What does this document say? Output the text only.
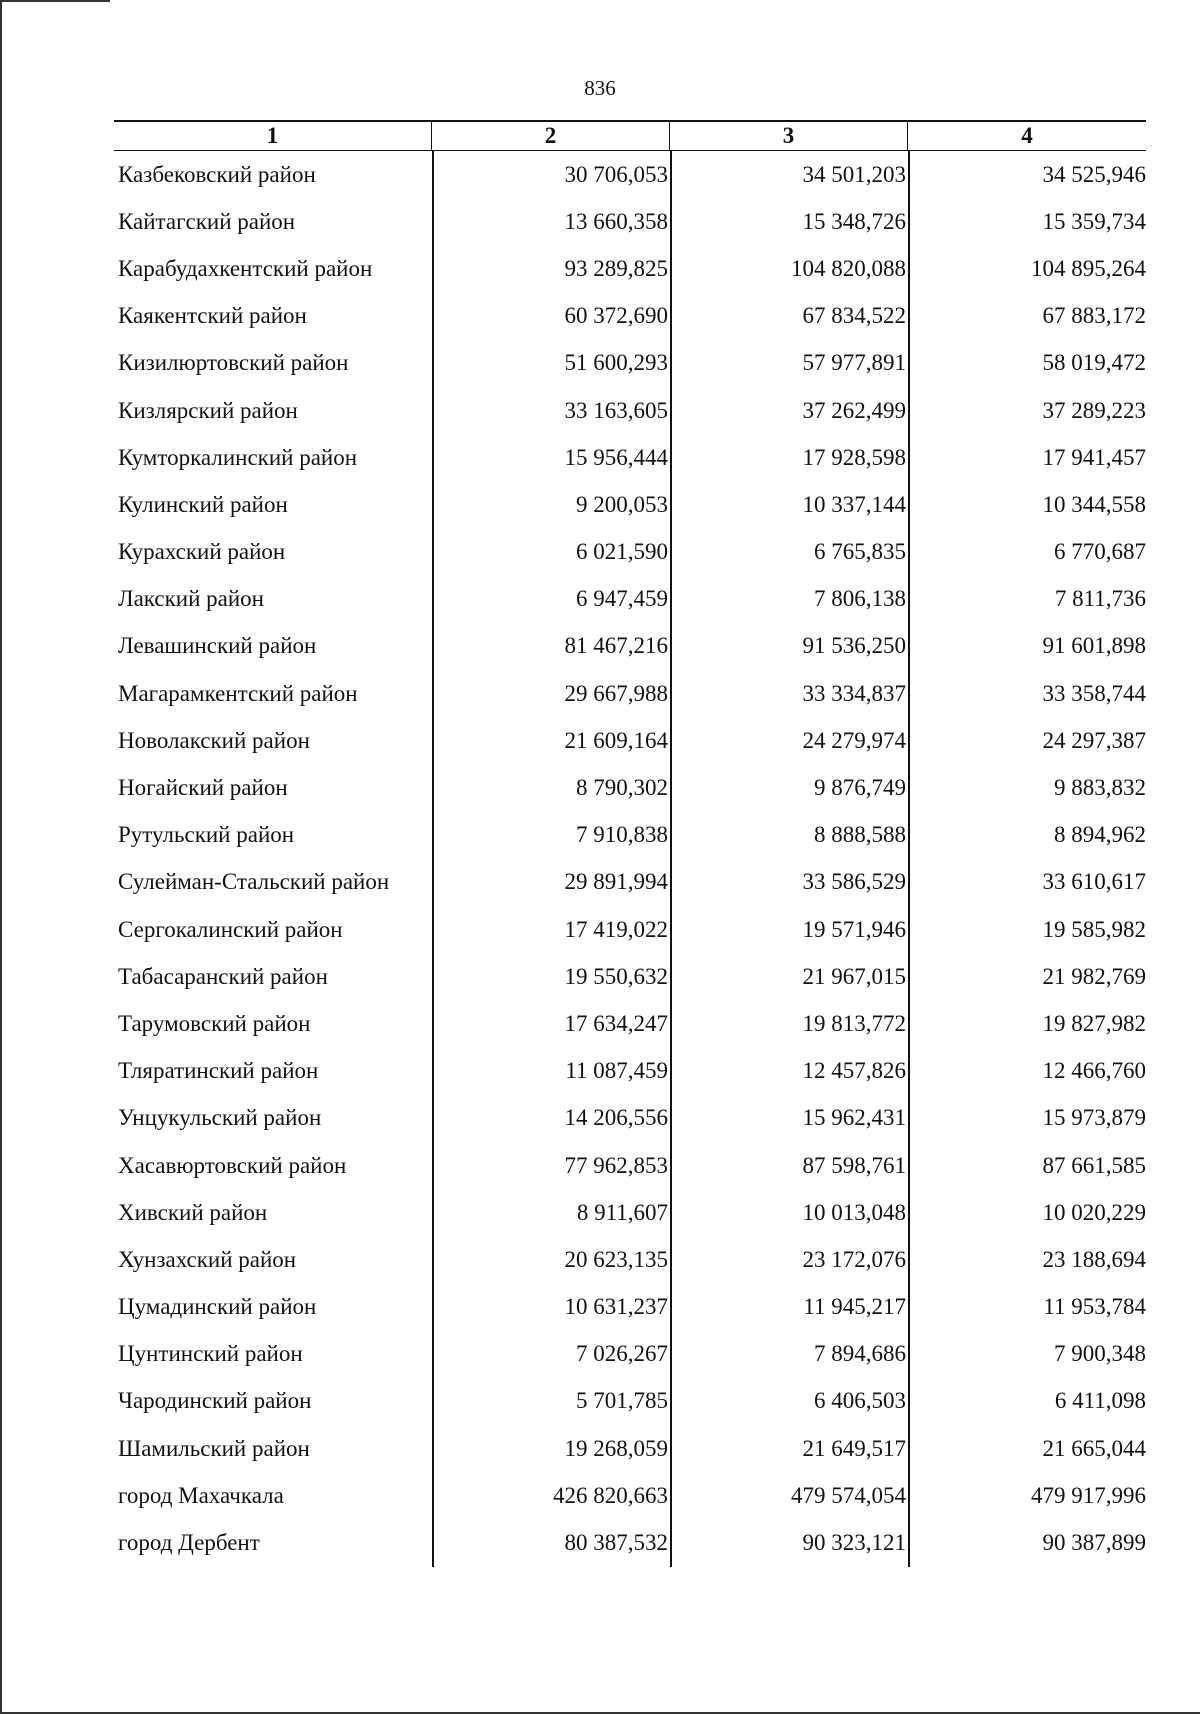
836
1	2	3	4
Казбековский район	30 706,053	34 501,203	34 525,946
Кайтагский район	13 660,358	15 348,726	15 359,734
Карабудахкентский район	93 289,825	104 820,088	104 895,264
Каякентский район	60 372,690	67 834,522	67 883,172
Кизилюртовский район	51 600,293	57 977,891	58 019,472
Кизлярский район	33 163,605	37 262,499	37 289,223
Кумторкалинский район	15 956,444	17 928,598	17 941,457
Кулинский район	9 200,053	10 337,144	10 344,558
Курахский район	6 021,590	6 765,835	6 770,687
Лакский район	6 947,459	7 806,138	7 811,736
Левашинский район	81 467,216	91 536,250	91 601,898
Магарамкентский район	29 667,988	33 334,837	33 358,744
Новолакский район	21 609,164	24 279,974	24 297,387
Ногайский район	8 790,302	9 876,749	9 883,832
Рутульский район	7 910,838	8 888,588	8 894,962
Сулейман-Стальский район	29 891,994	33 586,529	33 610,617
Сергокалинский район	17 419,022	19 571,946	19 585,982
Табасаранский район	19 550,632	21 967,015	21 982,769
Тарумовский район	17 634,247	19 813,772	19 827,982
Тляратинский район	11 087,459	12 457,826	12 466,760
Унцукульский район	14 206,556	15 962,431	15 973,879
Хасавюртовский район	77 962,853	87 598,761	87 661,585
Хивский район	8 911,607	10 013,048	10 020,229
Хунзахский район	20 623,135	23 172,076	23 188,694
Цумадинский район	10 631,237	11 945,217	11 953,784
Цунтинский район	7 026,267	7 894,686	7 900,348
Чародинский район	5 701,785	6 406,503	6 411,098
Шамильский район	19 268,059	21 649,517	21 665,044
город Махачкала	426 820,663	479 574,054	479 917,996
город Дербент	80 387,532	90 323,121	90 387,899
